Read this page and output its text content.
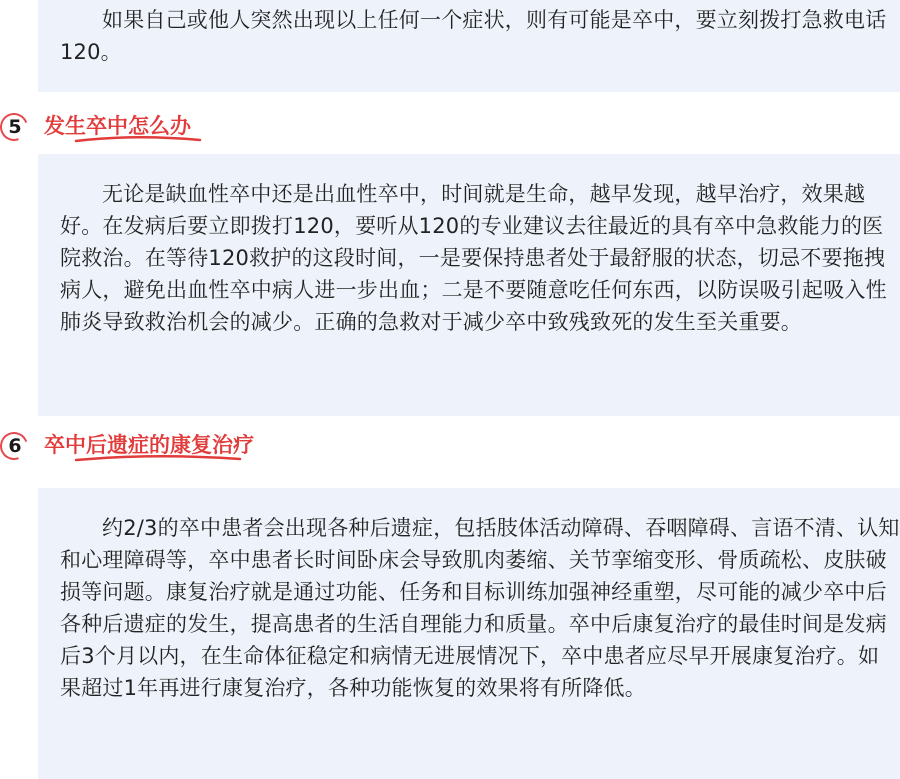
如果自己或他人突然出现以上任何一个症状，则有可能是卒中，要立刻拨打急救电话120。

5 发生卒中怎么办

无论是缺血性卒中还是出血性卒中，时间就是生命，越早发现，越早治疗，效果越好。在发病后要立即拨打120，要听从120的专业建议去往最近的具有卒中急救能力的医院救治。在等待120救护的这段时间，一是要保持患者处于最舒服的状态，切忌不要拖拽病人，避免出血性卒中病人进一步出血；二是不要随意吃任何东西，以防误吸引起吸入性肺炎导致救治机会的减少。正确的急救对于减少卒中致残致死的发生至关重要。

6 卒中后遗症的康复治疗

约2/3的卒中患者会出现各种后遗症，包括肢体活动障碍、吞咽障碍、言语不清、认知和心理障碍等，卒中患者长时间卧床会导致肌肉萎缩、关节挛缩变形、骨质疏松、皮肤破损等问题。康复治疗就是通过功能、任务和目标训练加强神经重塑，尽可能的减少卒中后各种后遗症的发生，提高患者的生活自理能力和质量。卒中后康复治疗的最佳时间是发病后3个月以内，在生命体征稳定和病情无进展情况下，卒中患者应尽早开展康复治疗。如果超过1年再进行康复治疗，各种功能恢复的效果将有所降低。
